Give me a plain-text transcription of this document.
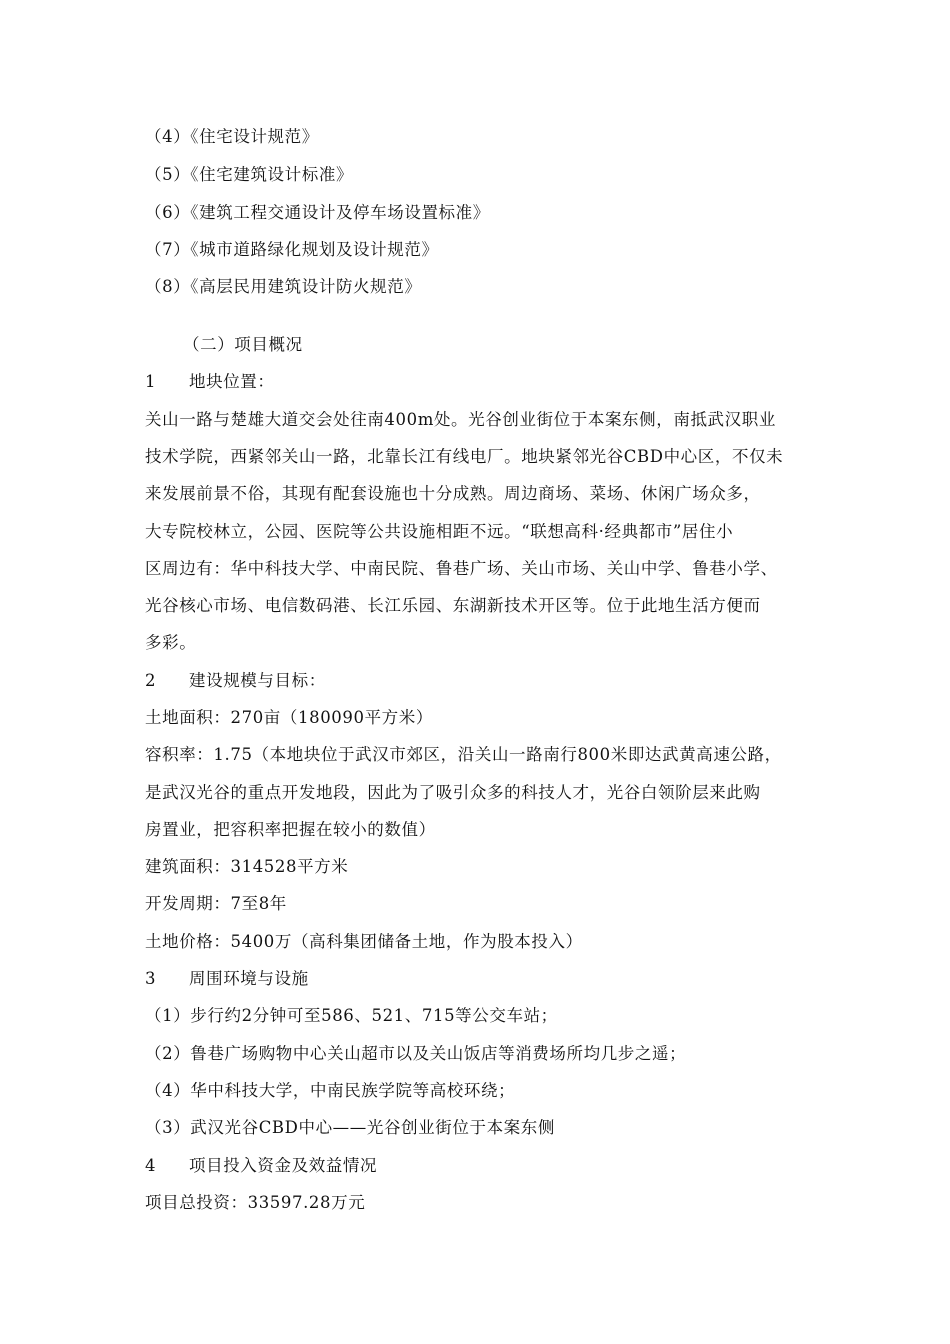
（4）《住宅设计规范》
（5）《住宅建筑设计标准》
（6）《建筑工程交通设计及停车场设置标准》
（7）《城市道路绿化规划及设计规范》
（8）《高层民用建筑设计防火规范》
（二）项目概况
1 地块位置：
关山一路与楚雄大道交会处往南400m处。光谷创业街位于本案东侧，南抵武汉职业
技术学院，西紧邻关山一路，北靠长江有线电厂。地块紧邻光谷CBD中心区，不仅未
来发展前景不俗，其现有配套设施也十分成熟。周边商场、菜场、休闲广场众多，
大专院校林立，公园、医院等公共设施相距不远。“联想高科·经典都市”居住小
区周边有：华中科技大学、中南民院、鲁巷广场、关山市场、关山中学、鲁巷小学、
光谷核心市场、电信数码港、长江乐园、东湖新技术开区等。位于此地生活方便而
多彩。
2 建设规模与目标：
土地面积：270亩（180090平方米）
容积率：1.75（本地块位于武汉市郊区，沿关山一路南行800米即达武黄高速公路，
是武汉光谷的重点开发地段，因此为了吸引众多的科技人才，光谷白领阶层来此购
房置业，把容积率把握在较小的数值）
建筑面积：314528平方米
开发周期：7至8年
土地价格：5400万（高科集团储备土地，作为股本投入）
3 周围环境与设施
（1）步行约2分钟可至586、521、715等公交车站；
（2）鲁巷广场购物中心关山超市以及关山饭店等消费场所均几步之遥；
（4）华中科技大学，中南民族学院等高校环绕；
（3）武汉光谷CBD中心——光谷创业街位于本案东侧
4 项目投入资金及效益情况
项目总投资：33597.28万元
